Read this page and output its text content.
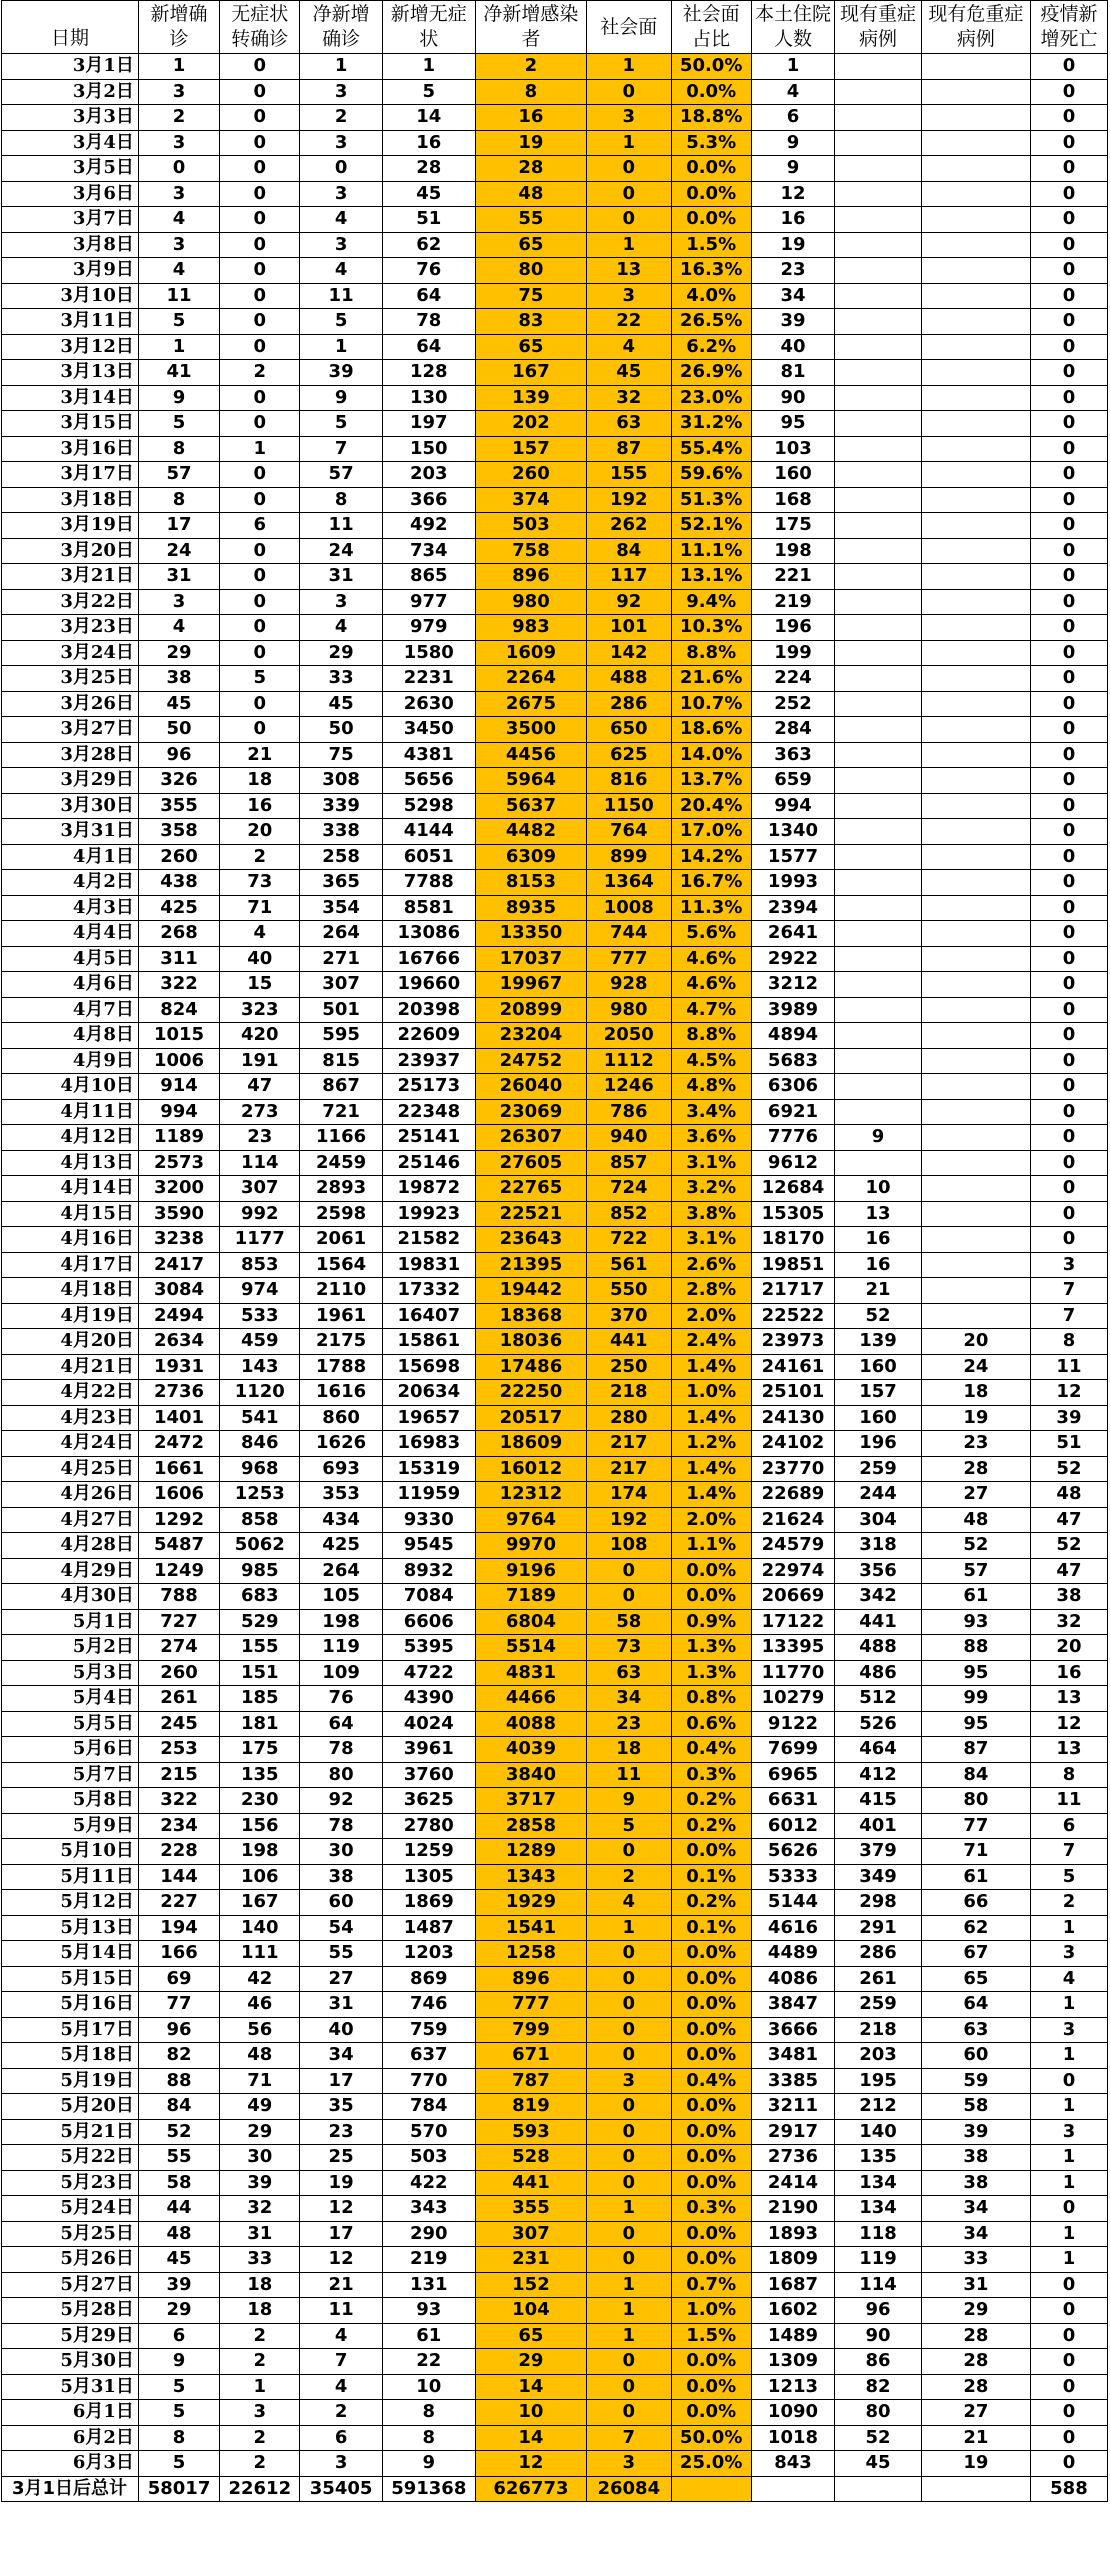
日期	新增确诊	无症状转确诊	净新增确诊	新增无症状	净新增感染者	社会面	社会面占比	本土住院人数	现有重症病例	现有危重症病例	疫情新增死亡
3月1日	1	0	1	1	2	1	50.0%	1			0
3月2日	3	0	3	5	8	0	0.0%	4			0
3月3日	2	0	2	14	16	3	18.8%	6			0
3月4日	3	0	3	16	19	1	5.3%	9			0
3月5日	0	0	0	28	28	0	0.0%	9			0
3月6日	3	0	3	45	48	0	0.0%	12			0
3月7日	4	0	4	51	55	0	0.0%	16			0
3月8日	3	0	3	62	65	1	1.5%	19			0
3月9日	4	0	4	76	80	13	16.3%	23			0
3月10日	11	0	11	64	75	3	4.0%	34			0
3月11日	5	0	5	78	83	22	26.5%	39			0
3月12日	1	0	1	64	65	4	6.2%	40			0
3月13日	41	2	39	128	167	45	26.9%	81			0
3月14日	9	0	9	130	139	32	23.0%	90			0
3月15日	5	0	5	197	202	63	31.2%	95			0
3月16日	8	1	7	150	157	87	55.4%	103			0
3月17日	57	0	57	203	260	155	59.6%	160			0
3月18日	8	0	8	366	374	192	51.3%	168			0
3月19日	17	6	11	492	503	262	52.1%	175			0
3月20日	24	0	24	734	758	84	11.1%	198			0
3月21日	31	0	31	865	896	117	13.1%	221			0
3月22日	3	0	3	977	980	92	9.4%	219			0
3月23日	4	0	4	979	983	101	10.3%	196			0
3月24日	29	0	29	1580	1609	142	8.8%	199			0
3月25日	38	5	33	2231	2264	488	21.6%	224			0
3月26日	45	0	45	2630	2675	286	10.7%	252			0
3月27日	50	0	50	3450	3500	650	18.6%	284			0
3月28日	96	21	75	4381	4456	625	14.0%	363			0
3月29日	326	18	308	5656	5964	816	13.7%	659			0
3月30日	355	16	339	5298	5637	1150	20.4%	994			0
3月31日	358	20	338	4144	4482	764	17.0%	1340			0
4月1日	260	2	258	6051	6309	899	14.2%	1577			0
4月2日	438	73	365	7788	8153	1364	16.7%	1993			0
4月3日	425	71	354	8581	8935	1008	11.3%	2394			0
4月4日	268	4	264	13086	13350	744	5.6%	2641			0
4月5日	311	40	271	16766	17037	777	4.6%	2922			0
4月6日	322	15	307	19660	19967	928	4.6%	3212			0
4月7日	824	323	501	20398	20899	980	4.7%	3989			0
4月8日	1015	420	595	22609	23204	2050	8.8%	4894			0
4月9日	1006	191	815	23937	24752	1112	4.5%	5683			0
4月10日	914	47	867	25173	26040	1246	4.8%	6306			0
4月11日	994	273	721	22348	23069	786	3.4%	6921			0
4月12日	1189	23	1166	25141	26307	940	3.6%	7776	9		0
4月13日	2573	114	2459	25146	27605	857	3.1%	9612			0
4月14日	3200	307	2893	19872	22765	724	3.2%	12684	10		0
4月15日	3590	992	2598	19923	22521	852	3.8%	15305	13		0
4月16日	3238	1177	2061	21582	23643	722	3.1%	18170	16		0
4月17日	2417	853	1564	19831	21395	561	2.6%	19851	16		3
4月18日	3084	974	2110	17332	19442	550	2.8%	21717	21		7
4月19日	2494	533	1961	16407	18368	370	2.0%	22522	52		7
4月20日	2634	459	2175	15861	18036	441	2.4%	23973	139	20	8
4月21日	1931	143	1788	15698	17486	250	1.4%	24161	160	24	11
4月22日	2736	1120	1616	20634	22250	218	1.0%	25101	157	18	12
4月23日	1401	541	860	19657	20517	280	1.4%	24130	160	19	39
4月24日	2472	846	1626	16983	18609	217	1.2%	24102	196	23	51
4月25日	1661	968	693	15319	16012	217	1.4%	23770	259	28	52
4月26日	1606	1253	353	11959	12312	174	1.4%	22689	244	27	48
4月27日	1292	858	434	9330	9764	192	2.0%	21624	304	48	47
4月28日	5487	5062	425	9545	9970	108	1.1%	24579	318	52	52
4月29日	1249	985	264	8932	9196	0	0.0%	22974	356	57	47
4月30日	788	683	105	7084	7189	0	0.0%	20669	342	61	38
5月1日	727	529	198	6606	6804	58	0.9%	17122	441	93	32
5月2日	274	155	119	5395	5514	73	1.3%	13395	488	88	20
5月3日	260	151	109	4722	4831	63	1.3%	11770	486	95	16
5月4日	261	185	76	4390	4466	34	0.8%	10279	512	99	13
5月5日	245	181	64	4024	4088	23	0.6%	9122	526	95	12
5月6日	253	175	78	3961	4039	18	0.4%	7699	464	87	13
5月7日	215	135	80	3760	3840	11	0.3%	6965	412	84	8
5月8日	322	230	92	3625	3717	9	0.2%	6631	415	80	11
5月9日	234	156	78	2780	2858	5	0.2%	6012	401	77	6
5月10日	228	198	30	1259	1289	0	0.0%	5626	379	71	7
5月11日	144	106	38	1305	1343	2	0.1%	5333	349	61	5
5月12日	227	167	60	1869	1929	4	0.2%	5144	298	66	2
5月13日	194	140	54	1487	1541	1	0.1%	4616	291	62	1
5月14日	166	111	55	1203	1258	0	0.0%	4489	286	67	3
5月15日	69	42	27	869	896	0	0.0%	4086	261	65	4
5月16日	77	46	31	746	777	0	0.0%	3847	259	64	1
5月17日	96	56	40	759	799	0	0.0%	3666	218	63	3
5月18日	82	48	34	637	671	0	0.0%	3481	203	60	1
5月19日	88	71	17	770	787	3	0.4%	3385	195	59	0
5月20日	84	49	35	784	819	0	0.0%	3211	212	58	1
5月21日	52	29	23	570	593	0	0.0%	2917	140	39	3
5月22日	55	30	25	503	528	0	0.0%	2736	135	38	1
5月23日	58	39	19	422	441	0	0.0%	2414	134	38	1
5月24日	44	32	12	343	355	1	0.3%	2190	134	34	0
5月25日	48	31	17	290	307	0	0.0%	1893	118	34	1
5月26日	45	33	12	219	231	0	0.0%	1809	119	33	1
5月27日	39	18	21	131	152	1	0.7%	1687	114	31	0
5月28日	29	18	11	93	104	1	1.0%	1602	96	29	0
5月29日	6	2	4	61	65	1	1.5%	1489	90	28	0
5月30日	9	2	7	22	29	0	0.0%	1309	86	28	0
5月31日	5	1	4	10	14	0	0.0%	1213	82	28	0
6月1日	5	3	2	8	10	0	0.0%	1090	80	27	0
6月2日	8	2	6	8	14	7	50.0%	1018	52	21	0
6月3日	5	2	3	9	12	3	25.0%	843	45	19	0
3月1日后总计	58017	22612	35405	591368	626773	26084					588
